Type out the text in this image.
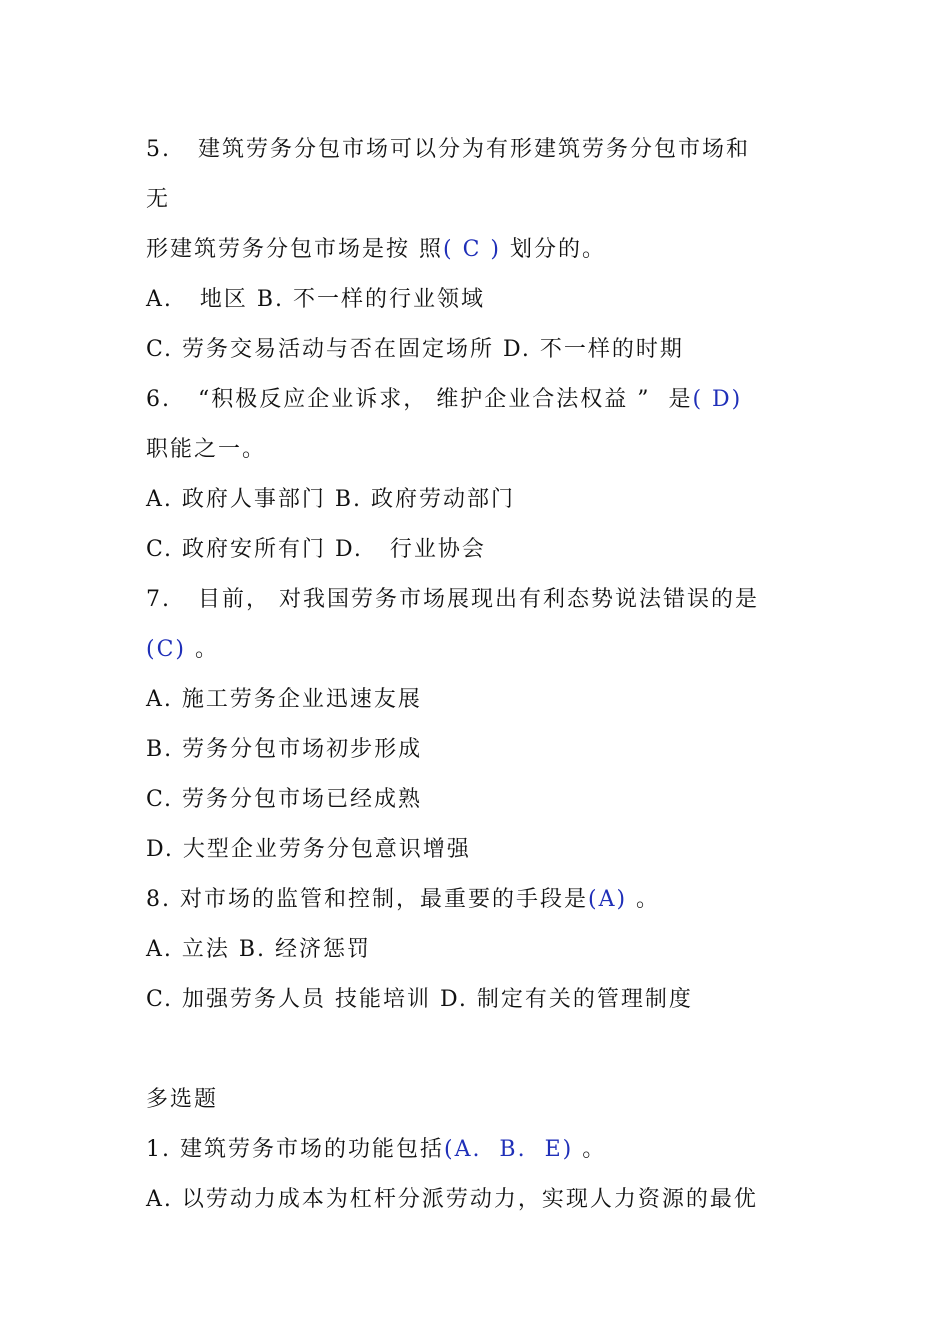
5.   建筑劳务分包市场可以分为有形建筑劳务分包市场和
无
形建筑劳务分包市场是按 照( C ) 划分的。
A.   地区 B. 不一样的行业领域
C. 劳务交易活动与否在固定场所 D. 不一样的时期
6.   “积极反应企业诉求， 维护企业合法权益 ”  是( D)
职能之一。
A. 政府人事部门 B. 政府劳动部门
C. 政府安所有门 D.   行业协会
7.   目前， 对我国劳务市场展现出有利态势说法错误的是
(C) 。
A. 施工劳务企业迅速友展
B. 劳务分包市场初步形成
C. 劳务分包市场已经成熟
D. 大型企业劳务分包意识增强
8. 对市场的监管和控制，最重要的手段是(A) 。
A. 立法 B. 经济惩罚
C. 加强劳务人员 技能培训 D. 制定有关的管理制度
多选题
1. 建筑劳务市场的功能包括(A.  B.  E) 。
A. 以劳动力成本为杠杆分派劳动力，实现人力资源的最优
